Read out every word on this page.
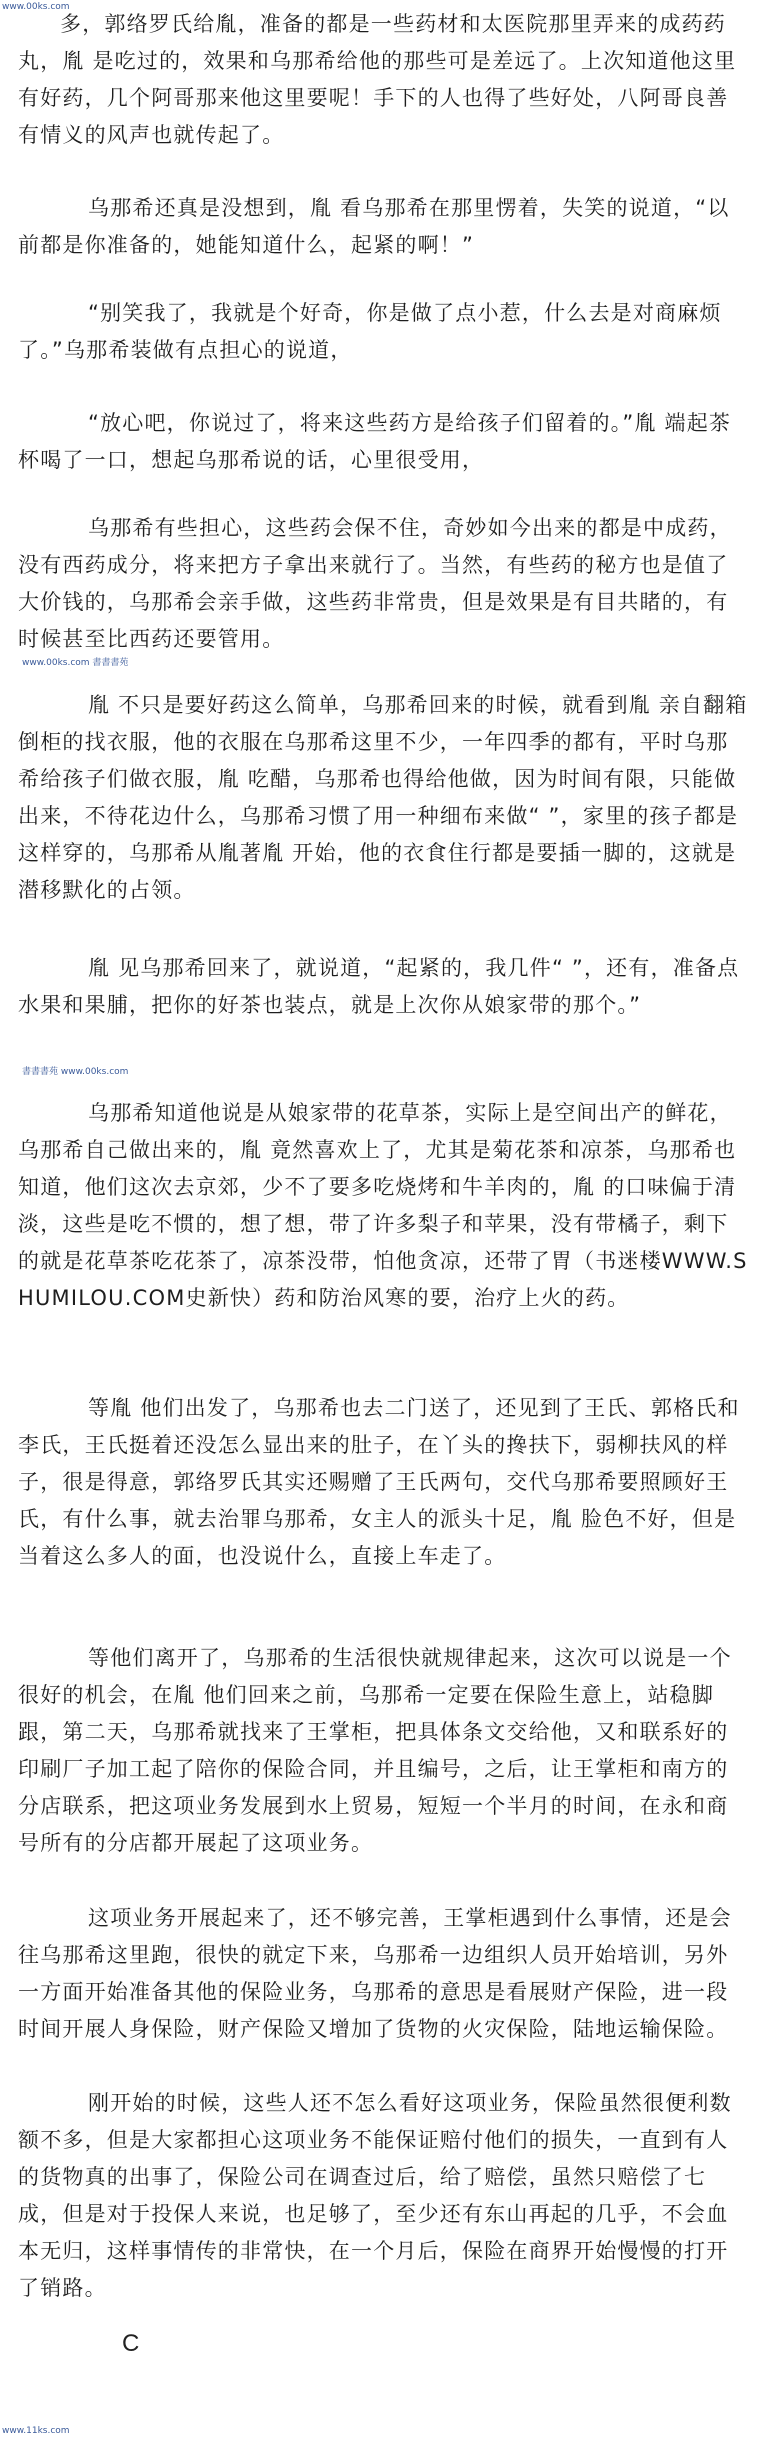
www.00ks.com

多，郭络罗氏给胤，准备的都是一些药材和太医院那里弄来的成药药丸，胤 是吃过的，效果和乌那希给他的那些可是差远了。上次知道他这里有好药，几个阿哥那来他这里要呢！手下的人也得了些好处，八阿哥良善有情义的风声也就传起了。

乌那希还真是没想到，胤 看乌那希在那里愣着，失笑的说道，“以前都是你准备的，她能知道什么，起紧的啊！”

“别笑我了，我就是个好奇，你是做了点小惹，什么去是对商麻烦了。”乌那希装做有点担心的说道，

“放心吧，你说过了，将来这些药方是给孩子们留着的。”胤 端起茶杯喝了一口，想起乌那希说的话，心里很受用，

乌那希有些担心，这些药会保不住，奇妙如今出来的都是中成药，没有西药成分，将来把方子拿出来就行了。当然，有些药的秘方也是值了大价钱的，乌那希会亲手做，这些药非常贵，但是效果是有目共睹的，有时候甚至比西药还要管用。

www.00ks.com 書書書苑

胤 不只是要好药这么简单，乌那希回来的时候，就看到胤 亲自翻箱倒柜的找衣服，他的衣服在乌那希这里不少，一年四季的都有，平时乌那希给孩子们做衣服，胤 吃醋，乌那希也得给他做，因为时间有限，只能做出来，不待花边什么，乌那希习惯了用一种细布来做“ ”，家里的孩子都是这样穿的，乌那希从胤著胤 开始，他的衣食住行都是要插一脚的，这就是潜移默化的占领。

胤 见乌那希回来了，就说道，“起紧的，我几件“ ”，还有，准备点水果和果脯，把你的好茶也装点，就是上次你从娘家带的那个。”

書書書苑 www.00ks.com

乌那希知道他说是从娘家带的花草茶，实际上是空间出产的鲜花，乌那希自己做出来的，胤 竟然喜欢上了，尤其是菊花茶和凉茶，乌那希也知道，他们这次去京郊，少不了要多吃烧烤和牛羊肉的，胤 的口味偏于清淡，这些是吃不惯的，想了想，带了许多梨子和苹果，没有带橘子，剩下的就是花草茶吃花茶了，凉茶没带，怕他贪凉，还带了胃（书迷楼WWW.SHUMILOU.COM史新快）药和防治风寒的要，治疗上火的药。

等胤 他们出发了，乌那希也去二门送了，还见到了王氏、郭格氏和李氏，王氏挺着还没怎么显出来的肚子，在丫头的搀扶下，弱柳扶风的样子，很是得意，郭络罗氏其实还赐赠了王氏两句，交代乌那希要照顾好王氏，有什么事，就去治罪乌那希，女主人的派头十足，胤 脸色不好，但是当着这么多人的面，也没说什么，直接上车走了。

等他们离开了，乌那希的生活很快就规律起来，这次可以说是一个很好的机会，在胤 他们回来之前，乌那希一定要在保险生意上，站稳脚跟，第二天，乌那希就找来了王掌柜，把具体条文交给他，又和联系好的印刷厂子加工起了陪你的保险合同，并且编号，之后，让王掌柜和南方的分店联系，把这项业务发展到水上贸易，短短一个半月的时间，在永和商号所有的分店都开展起了这项业务。

这项业务开展起来了，还不够完善，王掌柜遇到什么事情，还是会往乌那希这里跑，很快的就定下来，乌那希一边组织人员开始培训，另外一方面开始准备其他的保险业务，乌那希的意思是看展财产保险，进一段时间开展人身保险，财产保险又增加了货物的火灾保险，陆地运输保险。

刚开始的时候，这些人还不怎么看好这项业务，保险虽然很便利数额不多，但是大家都担心这项业务不能保证赔付他们的损失，一直到有人的货物真的出事了，保险公司在调查过后，给了赔偿，虽然只赔偿了七成，但是对于投保人来说，也足够了，至少还有东山再起的几乎，不会血本无归，这样事情传的非常快，在一个月后，保险在商界开始慢慢的打开了销路。

C
www.11ks.com
